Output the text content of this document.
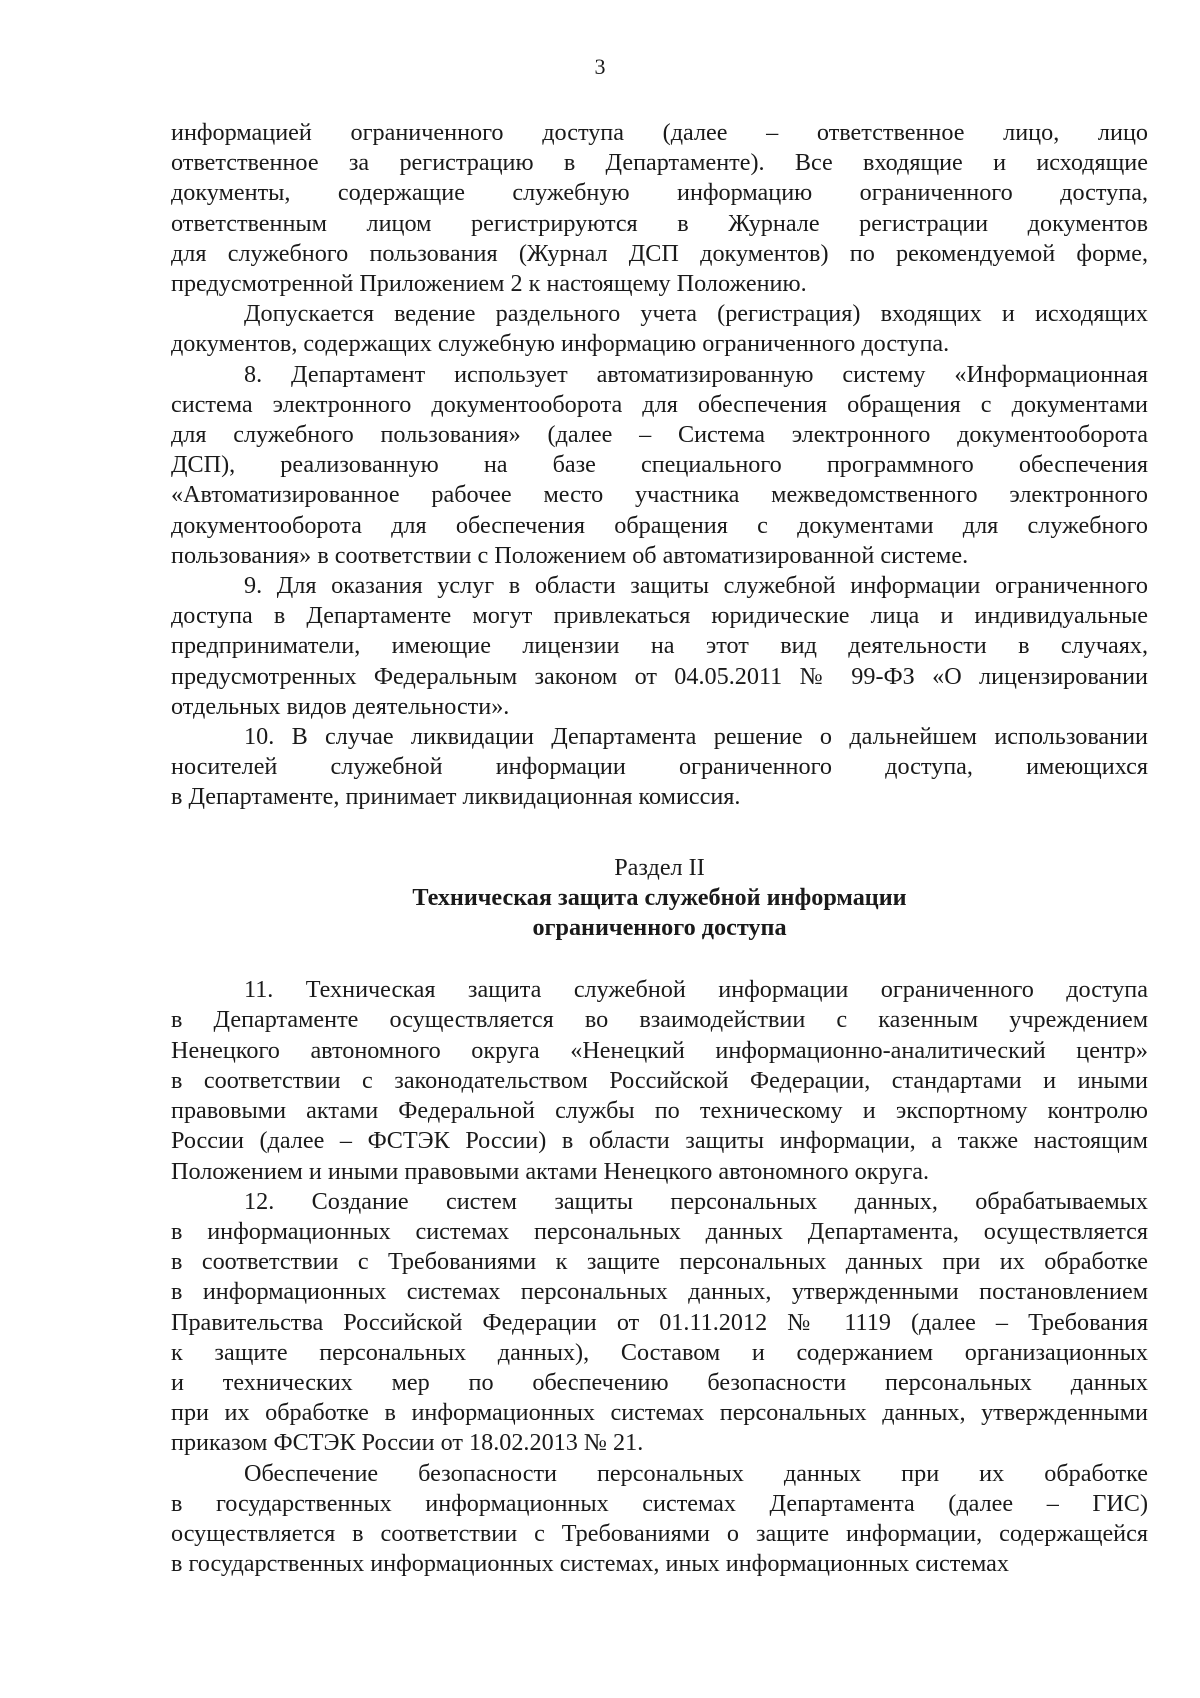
3
информацией ограниченного доступа (далее – ответственное лицо, лицо
ответственное за регистрацию в Департаменте). Все входящие и исходящие
документы, содержащие служебную информацию ограниченного доступа,
ответственным лицом регистрируются в Журнале регистрации документов
для служебного пользования (Журнал ДСП документов) по рекомендуемой форме,
предусмотренной Приложением 2 к настоящему Положению.
Допускается ведение раздельного учета (регистрация) входящих и исходящих
документов, содержащих служебную информацию ограниченного доступа.
8. Департамент использует автоматизированную систему «Информационная
система электронного документооборота для обеспечения обращения с документами
для служебного пользования» (далее – Система электронного документооборота
ДСП), реализованную на базе специального программного обеспечения
«Автоматизированное рабочее место участника межведомственного электронного
документооборота для обеспечения обращения с документами для служебного
пользования» в соответствии с Положением об автоматизированной системе.
9. Для оказания услуг в области защиты служебной информации ограниченного
доступа в Департаменте могут привлекаться юридические лица и индивидуальные
предприниматели, имеющие лицензии на этот вид деятельности в случаях,
предусмотренных Федеральным законом от 04.05.2011 № 99-ФЗ «О лицензировании
отдельных видов деятельности».
10. В случае ликвидации Департамента решение о дальнейшем использовании
носителей служебной информации ограниченного доступа, имеющихся
в Департаменте, принимает ликвидационная комиссия.
Раздел II
Техническая защита служебной информации
ограниченного доступа
11. Техническая защита служебной информации ограниченного доступа
в Департаменте осуществляется во взаимодействии с казенным учреждением
Ненецкого автономного округа «Ненецкий информационно-аналитический центр»
в соответствии с законодательством Российской Федерации, стандартами и иными
правовыми актами Федеральной службы по техническому и экспортному контролю
России (далее – ФСТЭК России) в области защиты информации, а также настоящим
Положением и иными правовыми актами Ненецкого автономного округа.
12. Создание систем защиты персональных данных, обрабатываемых
в информационных системах персональных данных Департамента, осуществляется
в соответствии с Требованиями к защите персональных данных при их обработке
в информационных системах персональных данных, утвержденными постановлением
Правительства Российской Федерации от 01.11.2012 № 1119 (далее – Требования
к защите персональных данных), Составом и содержанием организационных
и технических мер по обеспечению безопасности персональных данных
при их обработке в информационных системах персональных данных, утвержденными
приказом ФСТЭК России от 18.02.2013 № 21.
Обеспечение безопасности персональных данных при их обработке
в государственных информационных системах Департамента (далее – ГИС)
осуществляется в соответствии с Требованиями о защите информации, содержащейся
в государственных информационных системах, иных информационных системах
